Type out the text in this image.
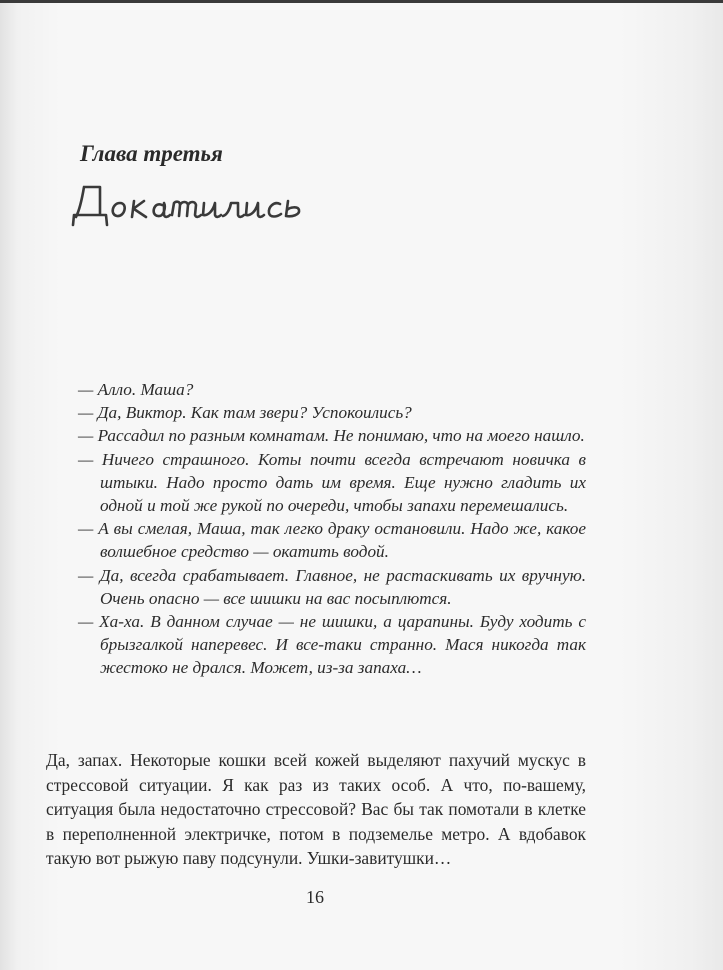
Глава третья

— Алло. Маша?

— Да, Виктор. Как там звери? Успокоились?

— Рассадил по разным комнатам. Не понимаю, что на моего нашло.

— Ничего страшного. Коты почти всегда встречают новичка в штыки. Надо просто дать им время. Еще нужно гладить их одной и той же рукой по очереди, чтобы запахи перемешались.

— А вы смелая, Маша, так легко драку остановили. Надо же, какое волшебное средство — окатить водой.

— Да, всегда срабатывает. Главное, не растаскивать их вручную. Очень опасно — все шишки на вас посыплются.

— Ха-ха. В данном случае — не шишки, а царапины. Буду ходить с брызгалкой наперевес. И все-таки странно. Мася никогда так жестоко не дрался. Может, из-за запаха…

Да, запах. Некоторые кошки всей кожей выделяют пахучий мускус в стрессовой ситуации. Я как раз из таких особ. А что, по-вашему, ситуация была недостаточно стрессовой? Вас бы так помотали в клетке в переполненной электричке, потом в подземелье метро. А вдобавок такую вот рыжую паву подсунули. Ушки-завитушки…

16
